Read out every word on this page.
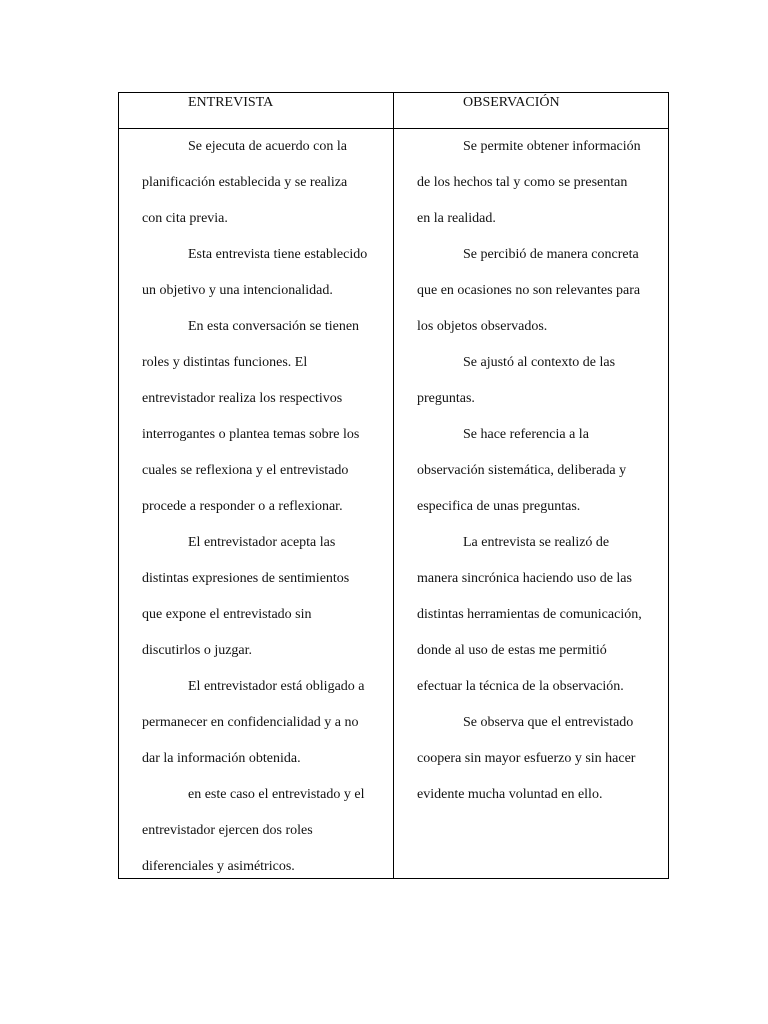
ENTREVISTA	OBSERVACIÓN

Se ejecuta de acuerdo con la
planificación establecida y se realiza
con cita previa.

Esta entrevista tiene establecido
un objetivo y una intencionalidad.

En esta conversación se tienen
roles y distintas funciones. El
entrevistador realiza los respectivos
interrogantes o plantea temas sobre los
cuales se reflexiona y el entrevistado
procede a responder o a reflexionar.

El entrevistador acepta las
distintas expresiones de sentimientos
que expone el entrevistado sin
discutirlos o juzgar.

El entrevistador está obligado a
permanecer en confidencialidad y a no
dar la información obtenida.

en este caso el entrevistado y el
entrevistador ejercen dos roles
diferenciales y asimétricos.

Se permite obtener información
de los hechos tal y como se presentan
en la realidad.

Se percibió de manera concreta
que en ocasiones no son relevantes para
los objetos observados.

Se ajustó al contexto de las
preguntas.

Se hace referencia a la
observación sistemática, deliberada y
especifica de unas preguntas.

La entrevista se realizó de
manera sincrónica haciendo uso de las
distintas herramientas de comunicación,
donde al uso de estas me permitió
efectuar la técnica de la observación.

Se observa que el entrevistado
coopera sin mayor esfuerzo y sin hacer
evidente mucha voluntad en ello.
